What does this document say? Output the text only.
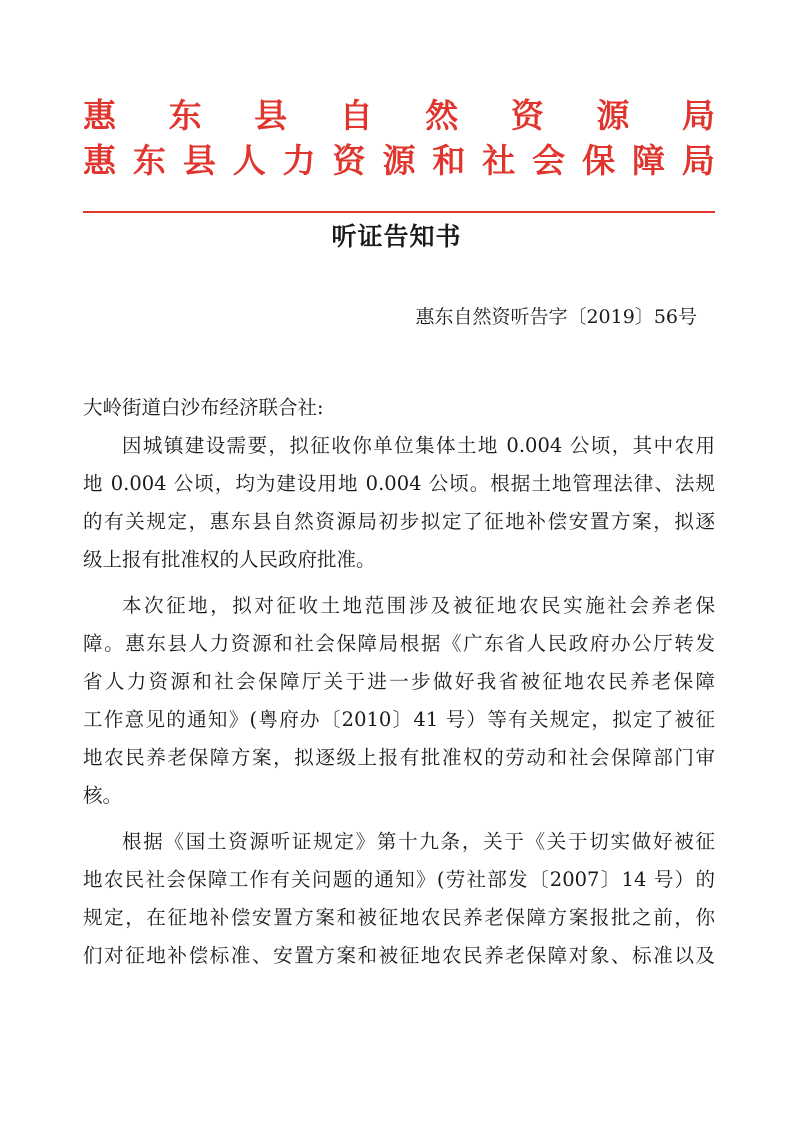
惠 东 县 自 然 资 源 局
惠 东 县 人 力 资 源 和 社 会 保 障 局
听证告知书
惠东自然资听告字〔2019〕56号
大岭街道白沙布经济联合社:
因城镇建设需要，拟征收你单位集体土地 0.004 公顷，其中农用
地 0.004 公顷，均为建设用地 0.004 公顷。根据土地管理法律、法规
的有关规定，惠东县自然资源局初步拟定了征地补偿安置方案，拟逐
级上报有批准权的人民政府批准。
本次征地，拟对征收土地范围涉及被征地农民实施社会养老保
障。惠东县人力资源和社会保障局根据《广东省人民政府办公厅转发
省人力资源和社会保障厅关于进一步做好我省被征地农民养老保障
工作意见的通知》(粤府办〔2010〕41 号）等有关规定，拟定了被征
地农民养老保障方案，拟逐级上报有批准权的劳动和社会保障部门审
核。
根据《国土资源听证规定》第十九条，关于《关于切实做好被征
地农民社会保障工作有关问题的通知》(劳社部发〔2007〕14 号）的
规定，在征地补偿安置方案和被征地农民养老保障方案报批之前，你
们对征地补偿标准、安置方案和被征地农民养老保障对象、标准以及
